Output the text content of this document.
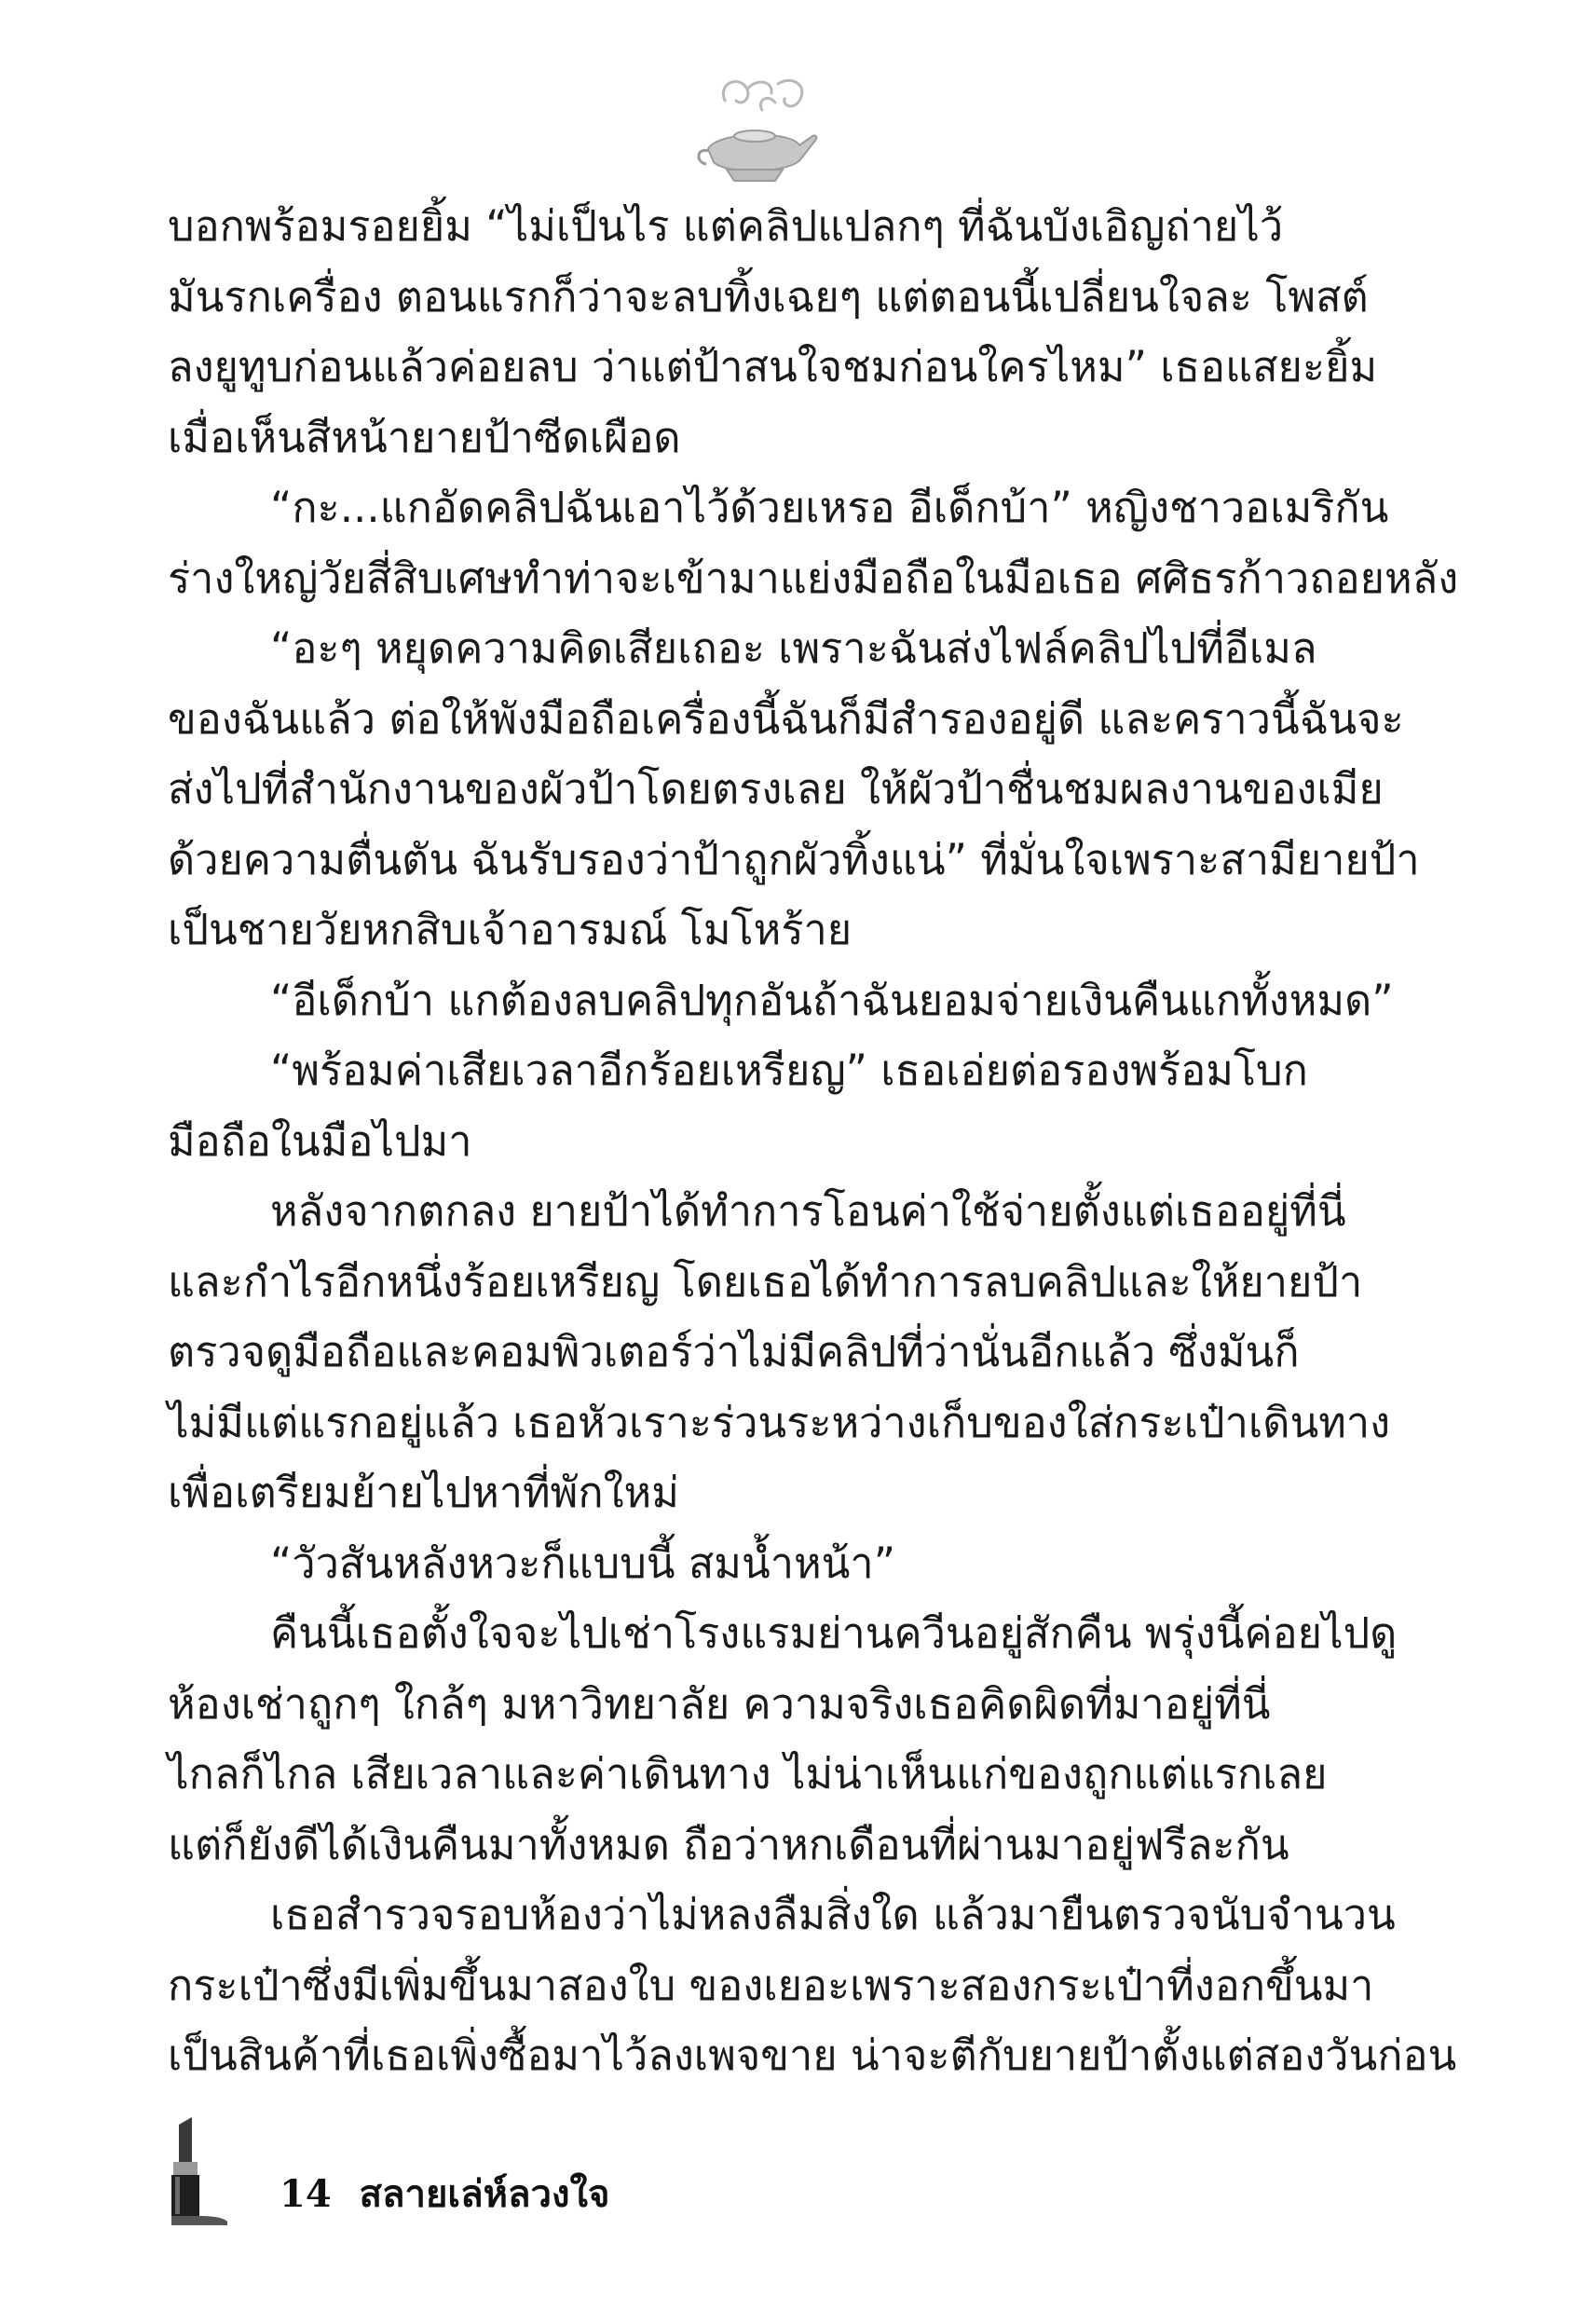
บอกพร้อมรอยยิ้ม “ไม่เป็นไร แต่คลิปแปลกๆ ที่ฉันบังเอิญถ่ายไว้
มันรกเครื่อง ตอนแรกก็ว่าจะลบทิ้งเฉยๆ แต่ตอนนี้เปลี่ยนใจละ โพสต์
ลงยูทูบก่อนแล้วค่อยลบ ว่าแต่ป้าสนใจชมก่อนใครไหม” เธอแสยะยิ้ม
เมื่อเห็นสีหน้ายายป้าซีดเผือด
“กะ...แกอัดคลิปฉันเอาไว้ด้วยเหรอ อีเด็กบ้า” หญิงชาวอเมริกัน
ร่างใหญ่วัยสี่สิบเศษทำท่าจะเข้ามาแย่งมือถือในมือเธอ ศศิธรก้าวถอยหลัง
“อะๆ หยุดความคิดเสียเถอะ เพราะฉันส่งไฟล์คลิปไปที่อีเมล
ของฉันแล้ว ต่อให้พังมือถือเครื่องนี้ฉันก็มีสำรองอยู่ดี และคราวนี้ฉันจะ
ส่งไปที่สำนักงานของผัวป้าโดยตรงเลย ให้ผัวป้าชื่นชมผลงานของเมีย
ด้วยความตื่นตัน ฉันรับรองว่าป้าถูกผัวทิ้งแน่” ที่มั่นใจเพราะสามียายป้า
เป็นชายวัยหกสิบเจ้าอารมณ์ โมโหร้าย
“อีเด็กบ้า แกต้องลบคลิปทุกอันถ้าฉันยอมจ่ายเงินคืนแกทั้งหมด”
“พร้อมค่าเสียเวลาอีกร้อยเหรียญ” เธอเอ่ยต่อรองพร้อมโบก
มือถือในมือไปมา
หลังจากตกลง ยายป้าได้ทำการโอนค่าใช้จ่ายตั้งแต่เธออยู่ที่นี่
และกำไรอีกหนึ่งร้อยเหรียญ โดยเธอได้ทำการลบคลิปและให้ยายป้า
ตรวจดูมือถือและคอมพิวเตอร์ว่าไม่มีคลิปที่ว่านั่นอีกแล้ว ซึ่งมันก็
ไม่มีแต่แรกอยู่แล้ว เธอหัวเราะร่วนระหว่างเก็บของใส่กระเป๋าเดินทาง
เพื่อเตรียมย้ายไปหาที่พักใหม่
“วัวสันหลังหวะก็แบบนี้ สมน้ำหน้า”
คืนนี้เธอตั้งใจจะไปเช่าโรงแรมย่านควีนอยู่สักคืน พรุ่งนี้ค่อยไปดู
ห้องเช่าถูกๆ ใกล้ๆ มหาวิทยาลัย ความจริงเธอคิดผิดที่มาอยู่ที่นี่
ไกลก็ไกล เสียเวลาและค่าเดินทาง ไม่น่าเห็นแก่ของถูกแต่แรกเลย
แต่ก็ยังดีได้เงินคืนมาทั้งหมด ถือว่าหกเดือนที่ผ่านมาอยู่ฟรีละกัน
เธอสำรวจรอบห้องว่าไม่หลงลืมสิ่งใด แล้วมายืนตรวจนับจำนวน
กระเป๋าซึ่งมีเพิ่มขึ้นมาสองใบ ของเยอะเพราะสองกระเป๋าที่งอกขึ้นมา
เป็นสินค้าที่เธอเพิ่งซื้อมาไว้ลงเพจขาย น่าจะตีกับยายป้าตั้งแต่สองวันก่อน
14 สลายเล่ห์ลวงใจ
